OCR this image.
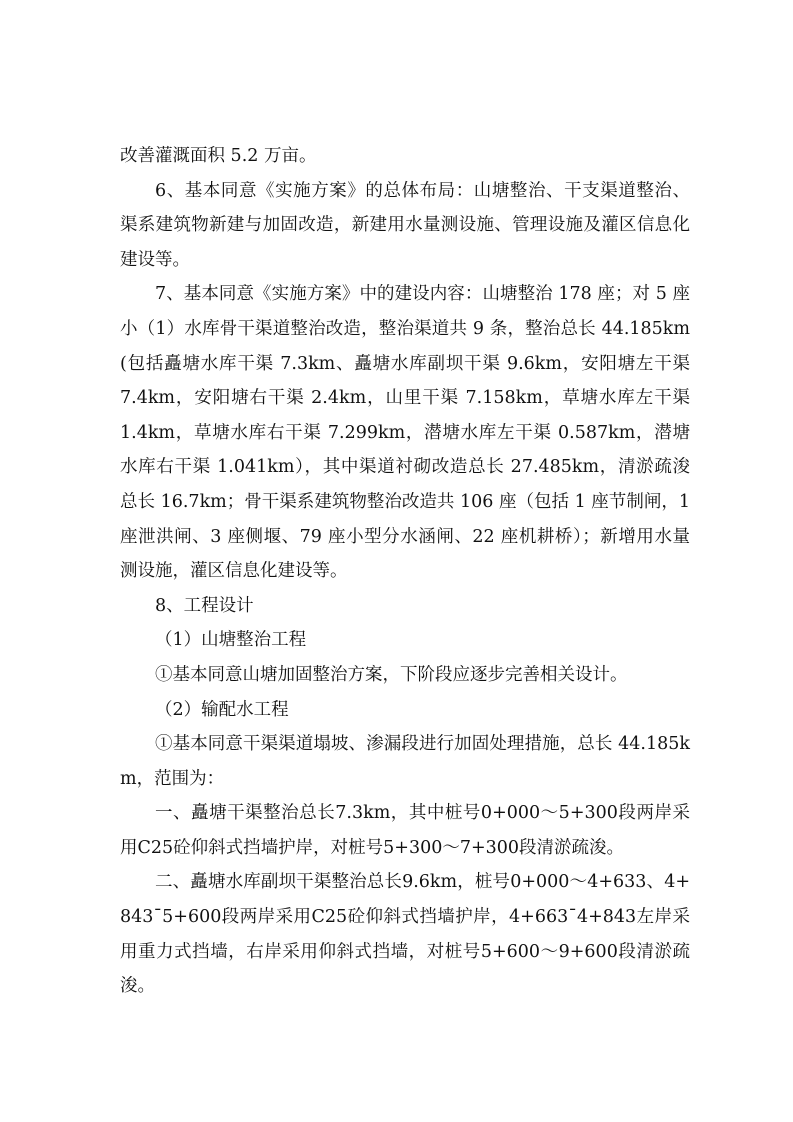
改善灌溉面积 5.2 万亩。

6、基本同意《实施方案》的总体布局：山塘整治、干支渠道整治、渠系建筑物新建与加固改造，新建用水量测设施、管理设施及灌区信息化建设等。

7、基本同意《实施方案》中的建设内容：山塘整治 178 座；对 5 座小（1）水库骨干渠道整治改造，整治渠道共 9 条，整治总长 44.185km(包括矗塘水库干渠 7.3km、矗塘水库副坝干渠 9.6km，安阳塘左干渠 7.4km，安阳塘右干渠 2.4km，山里干渠 7.158km，草塘水库左干渠 1.4km，草塘水库右干渠 7.299km，潜塘水库左干渠 0.587km，潜塘水库右干渠 1.041km），其中渠道衬砌改造总长 27.485km，清淤疏浚总长 16.7km；骨干渠系建筑物整治改造共 106 座（包括 1 座节制闸，1 座泄洪闸、3 座侧堰、79 座小型分水涵闸、22 座机耕桥）；新增用水量测设施，灌区信息化建设等。

8、工程设计

（1）山塘整治工程

①基本同意山塘加固整治方案，下阶段应逐步完善相关设计。

（2）输配水工程

①基本同意干渠渠道塌坡、渗漏段进行加固处理措施，总长 44.185km，范围为：

一、矗塘干渠整治总长7.3km，其中桩号0+000～5+300段两岸采用C25砼仰斜式挡墙护岸，对桩号5+300～7+300段清淤疏浚。

二、矗塘水库副坝干渠整治总长9.6km，桩号0+000～4+633、4+843¯5+600段两岸采用C25砼仰斜式挡墙护岸，4+663¯4+843左岸采用重力式挡墙，右岸采用仰斜式挡墙，对桩号5+600～9+600段清淤疏浚。
